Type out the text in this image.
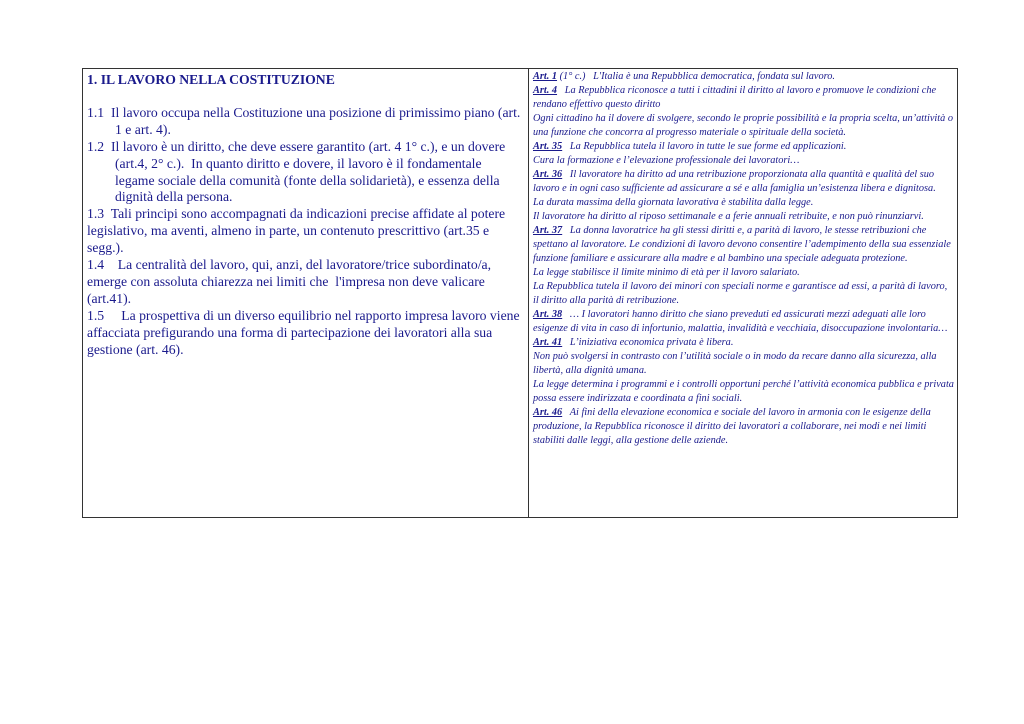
1. IL LAVORO NELLA COSTITUZIONE
1.1  Il lavoro occupa nella Costituzione una posizione di primissimo piano (art. 1 e art. 4).
1.2  Il lavoro è un diritto, che deve essere garantito (art. 4 1° c.), e un dovere (art.4, 2° c.).  In quanto diritto e dovere, il lavoro è il fondamentale legame sociale della comunità (fonte della solidarietà), e essenza della dignità della persona.
1.3  Tali principi sono accompagnati da indicazioni precise affidate al potere legislativo, ma aventi, almeno in parte, un contenuto prescrittivo (art.35 e segg.).
1.4    La centralità del lavoro, qui, anzi, del lavoratore/trice subordinato/a, emerge con assoluta chiarezza nei limiti che  l'impresa non deve valicare (art.41).
1.5     La prospettiva di un diverso equilibrio nel rapporto impresa lavoro viene affacciata prefigurando una forma di partecipazione dei lavoratori alla sua gestione (art. 46).

Art. 1 (1° c.)   L'Italia è una Repubblica democratica, fondata sul lavoro.

Art. 4   La Repubblica riconosce a tutti i cittadini il diritto al lavoro e promuove le condizioni che rendano effettivo questo diritto

Ogni cittadino ha il dovere di svolgere, secondo le proprie possibilità e la propria scelta, un’attività o una funzione che concorra al progresso materiale o spirituale della società.

Art. 35   La Repubblica tutela il lavoro in tutte le sue forme ed applicazioni.

Cura la formazione e l’elevazione professionale dei lavoratori…

Art. 36   Il lavoratore ha diritto ad una retribuzione proporzionata alla quantità e qualità del suo lavoro e in ogni caso sufficiente ad assicurare a sé e alla famiglia un’esistenza libera e dignitosa.

La durata massima della giornata lavorativa è stabilita dalla legge.

Il lavoratore ha diritto al riposo settimanale e a ferie annuali retribuite, e non può rinunziarvi.

Art. 37   La donna lavoratrice ha gli stessi diritti e, a parità di lavoro, le stesse retribuzioni che spettano al lavoratore. Le condizioni di lavoro devono consentire l’adempimento della sua essenziale funzione familiare e assicurare alla madre e al bambino una speciale adeguata protezione.

La legge stabilisce il limite minimo di età per il lavoro salariato.

La Repubblica tutela il lavoro dei minori con speciali norme e garantisce ad essi, a parità di lavoro, il diritto alla parità di retribuzione.

Art. 38   … I lavoratori hanno diritto che siano preveduti ed assicurati mezzi adeguati alle loro esigenze di vita in caso di infortunio, malattia, invalidità e vecchiaia, disoccupazione involontaria…

Art. 41   L’iniziativa economica privata è libera.

Non può svolgersi in contrasto con l’utilità sociale o in modo da recare danno alla sicurezza, alla libertà, alla dignità umana.

La legge determina i programmi e i controlli opportuni perché l’attività economica pubblica e privata possa essere indirizzata e coordinata a fini sociali.

Art. 46   Ai fini della elevazione economica e sociale del lavoro in armonia con le esigenze della produzione, la Repubblica riconosce il diritto dei lavoratori a collaborare, nei modi e nei limiti stabiliti dalle leggi, alla gestione delle aziende.
